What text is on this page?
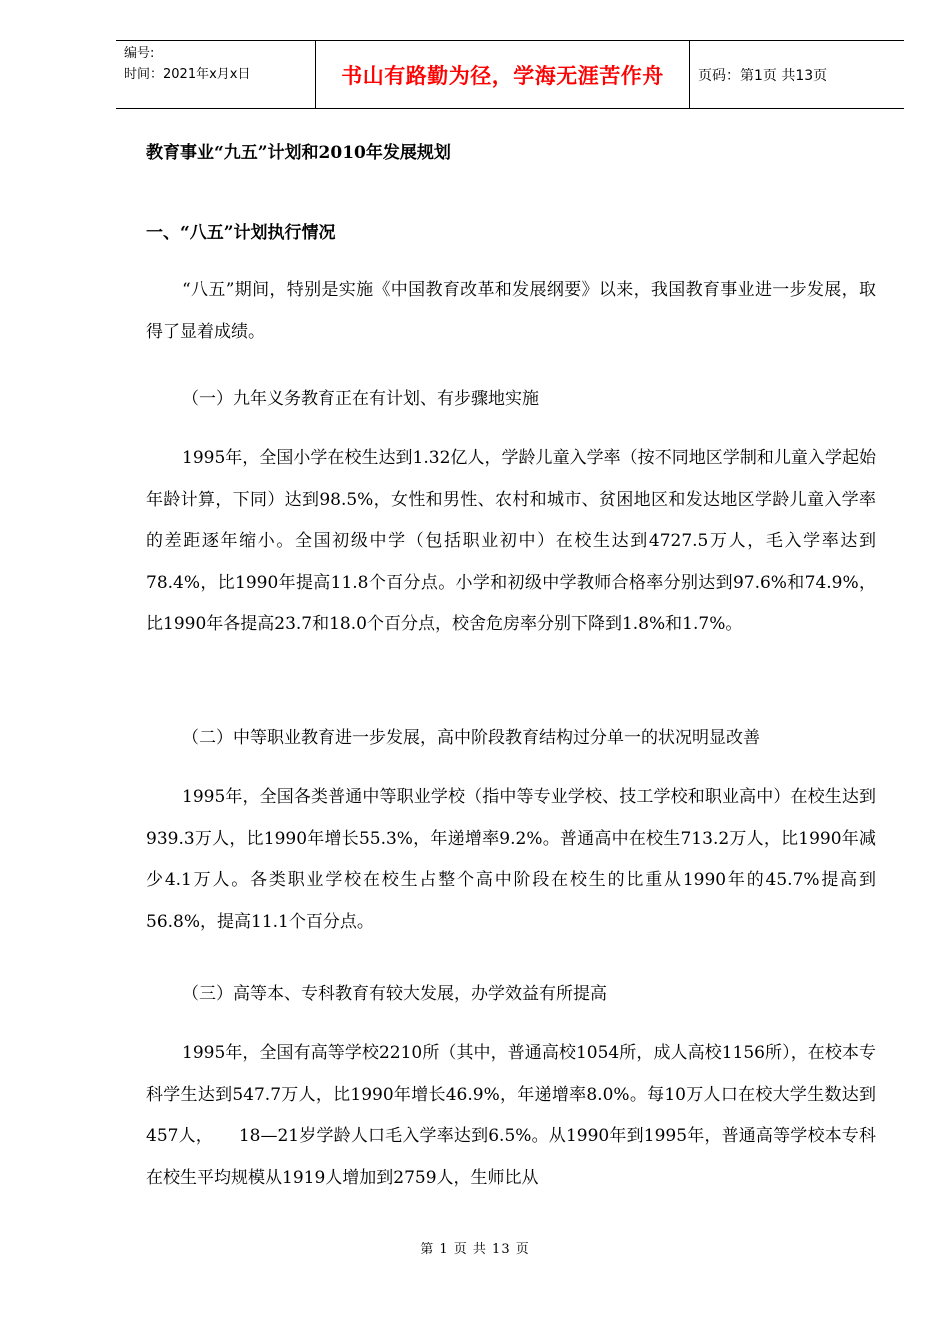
编号:
时间：2021年x月x日	书山有路勤为径，学海无涯苦作舟	页码：第1页 共13页
教育事业“九五”计划和2010年发展规划
一、“八五”计划执行情况
“八五”期间，特别是实施《中国教育改革和发展纲要》以来，我国教育事业进一步发展，取得了显着成绩。
（一）九年义务教育正在有计划、有步骤地实施
1995年，全国小学在校生达到1.32亿人，学龄儿童入学率（按不同地区学制和儿童入学起始年龄计算，下同）达到98.5%，女性和男性、农村和城市、贫困地区和发达地区学龄儿童入学率的差距逐年缩小。全国初级中学（包括职业初中）在校生达到4727.5万人，毛入学率达到78.4%，比1990年提高11.8个百分点。小学和初级中学教师合格率分别达到97.6%和74.9%，比1990年各提高23.7和18.0个百分点，校舍危房率分别下降到1.8%和1.7%。
（二）中等职业教育进一步发展，高中阶段教育结构过分单一的状况明显改善
1995年，全国各类普通中等职业学校（指中等专业学校、技工学校和职业高中）在校生达到939.3万人，比1990年增长55.3%，年递增率9.2%。普通高中在校生713.2万人，比1990年减少4.1万人。各类职业学校在校生占整个高中阶段在校生的比重从1990年的45.7%提高到56.8%，提高11.1个百分点。
（三）高等本、专科教育有较大发展，办学效益有所提高
1995年，全国有高等学校2210所（其中，普通高校1054所，成人高校1156所），在校本专科学生达到547.7万人，比1990年增长46.9%，年递增率8.0%。每10万人口在校大学生数达到457人，　　18—21岁学龄人口毛入学率达到6.5%。从1990年到1995年，普通高等学校本专科在校生平均规模从1919人增加到2759人，生师比从
第 1 页 共 13 页
